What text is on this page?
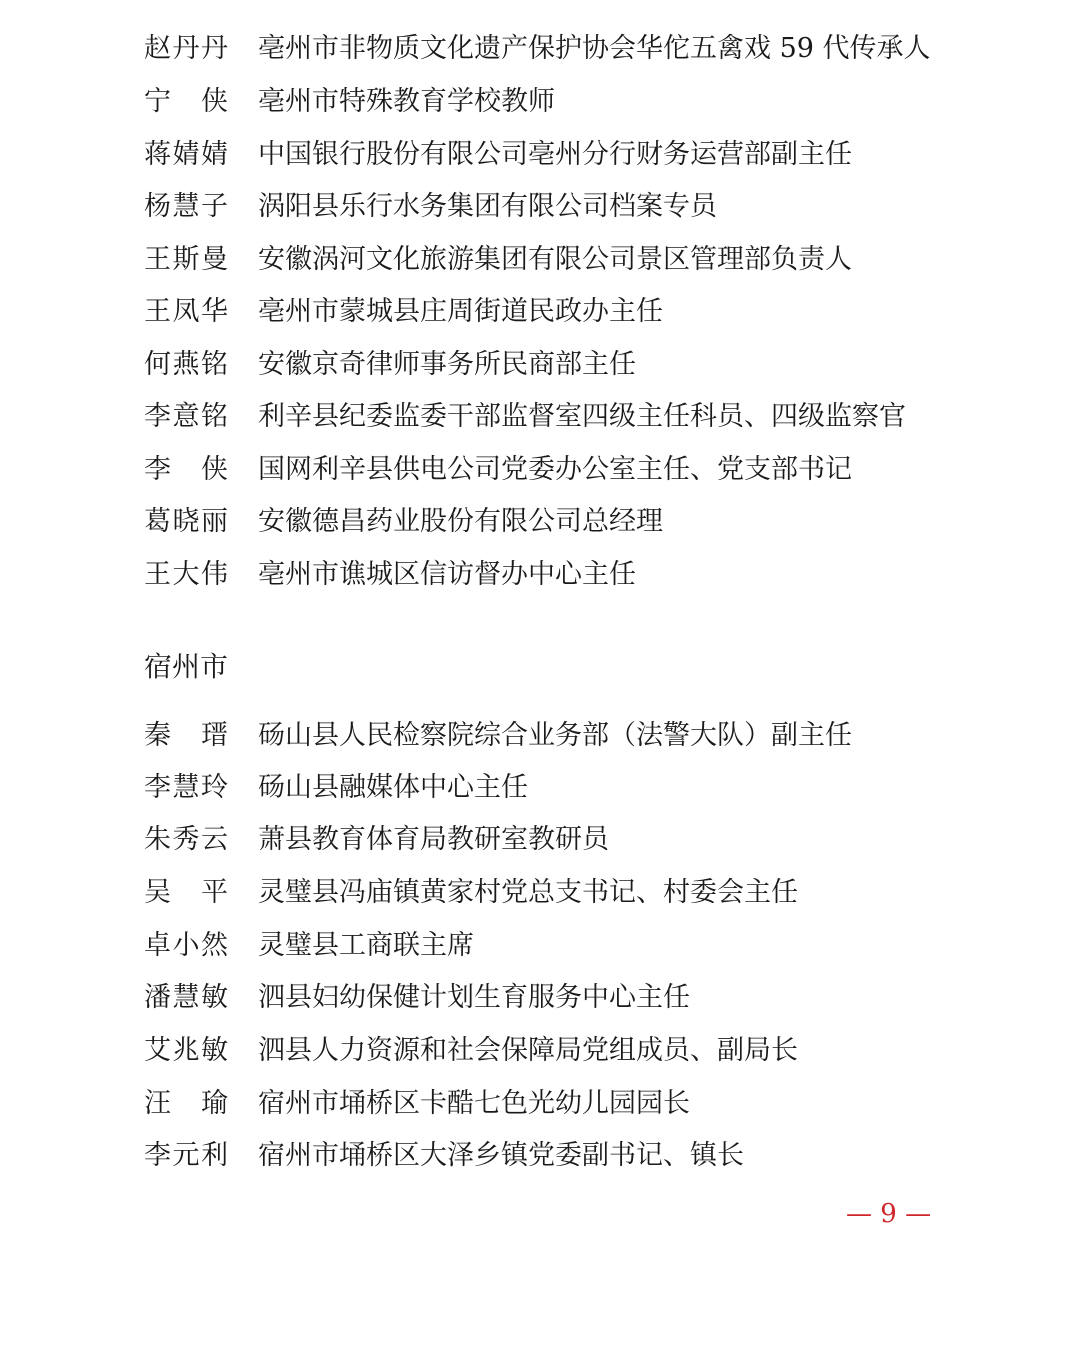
赵丹丹 亳州市非物质文化遗产保护协会华佗五禽戏 59 代传承人
宁侠 亳州市特殊教育学校教师
蒋婧婧 中国银行股份有限公司亳州分行财务运营部副主任
杨慧子 涡阳县乐行水务集团有限公司档案专员
王斯曼 安徽涡河文化旅游集团有限公司景区管理部负责人
王凤华 亳州市蒙城县庄周街道民政办主任
何燕铭 安徽京奇律师事务所民商部主任
李意铭 利辛县纪委监委干部监督室四级主任科员、四级监察官
李侠 国网利辛县供电公司党委办公室主任、党支部书记
葛晓丽 安徽德昌药业股份有限公司总经理
王大伟 亳州市谯城区信访督办中心主任
宿州市
秦瑨 砀山县人民检察院综合业务部（法警大队）副主任
李慧玲 砀山县融媒体中心主任
朱秀云 萧县教育体育局教研室教研员
吴平 灵璧县冯庙镇黄家村党总支书记、村委会主任
卓小然 灵璧县工商联主席
潘慧敏 泗县妇幼保健计划生育服务中心主任
艾兆敏 泗县人力资源和社会保障局党组成员、副局长
汪瑜 宿州市埇桥区卡酷七色光幼儿园园长
李元利 宿州市埇桥区大泽乡镇党委副书记、镇长
— 9 —
